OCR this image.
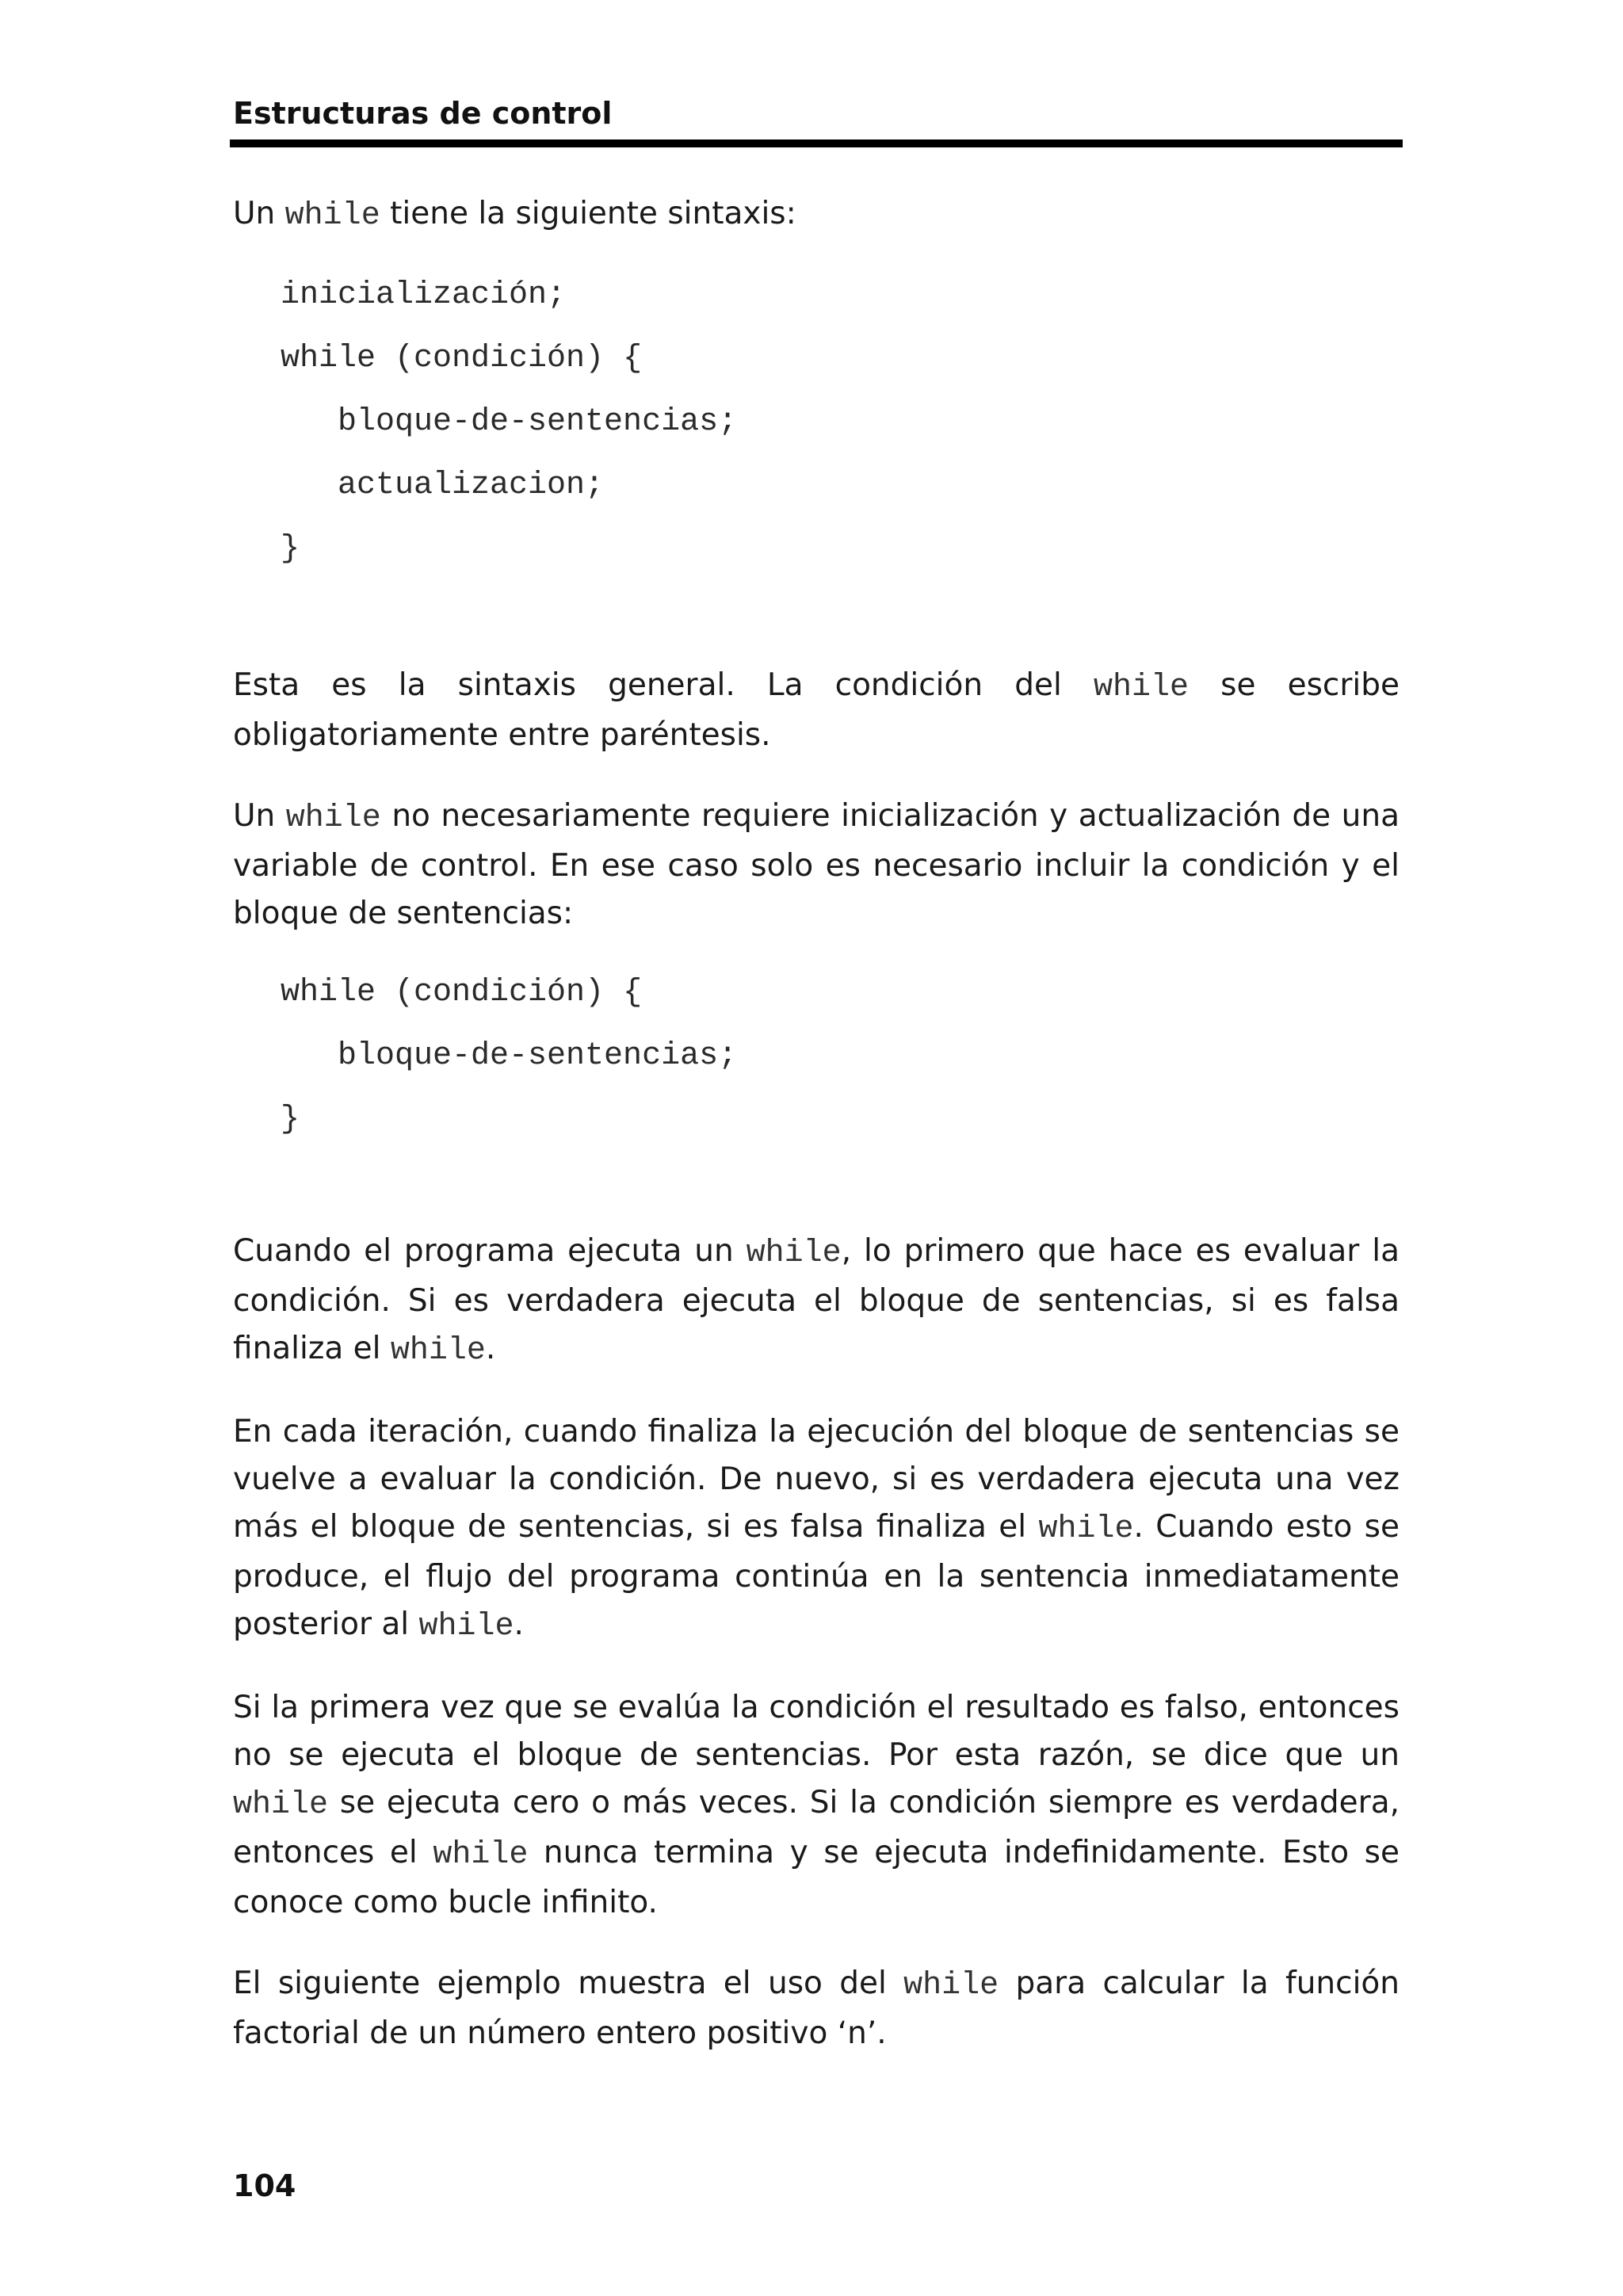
Estructuras de control

Un while tiene la siguiente sintaxis:

inicialización;
while (condición) {
bloque-de-sentencias;
actualizacion;
}

Esta es la sintaxis general. La condición del while se escribe obligatoriamente entre paréntesis.

Un while no necesariamente requiere inicialización y actualización de una variable de control. En ese caso solo es necesario incluir la condición y el bloque de sentencias:

while (condición) {
bloque-de-sentencias;
}

Cuando el programa ejecuta un while, lo primero que hace es evaluar la condición. Si es verdadera ejecuta el bloque de sentencias, si es falsa finaliza el while.

En cada iteración, cuando finaliza la ejecución del bloque de sentencias se vuelve a evaluar la condición. De nuevo, si es verdadera ejecuta una vez más el bloque de sentencias, si es falsa finaliza el while. Cuando esto se produce, el flujo del programa continúa en la sentencia inmediatamente posterior al while.

Si la primera vez que se evalúa la condición el resultado es falso, entonces no se ejecuta el bloque de sentencias. Por esta razón, se dice que un while se ejecuta cero o más veces. Si la condición siempre es verdadera, entonces el while nunca termina y se ejecuta indefinidamente. Esto se conoce como bucle infinito.

El siguiente ejemplo muestra el uso del while para calcular la función factorial de un número entero positivo ‘n’.

104
